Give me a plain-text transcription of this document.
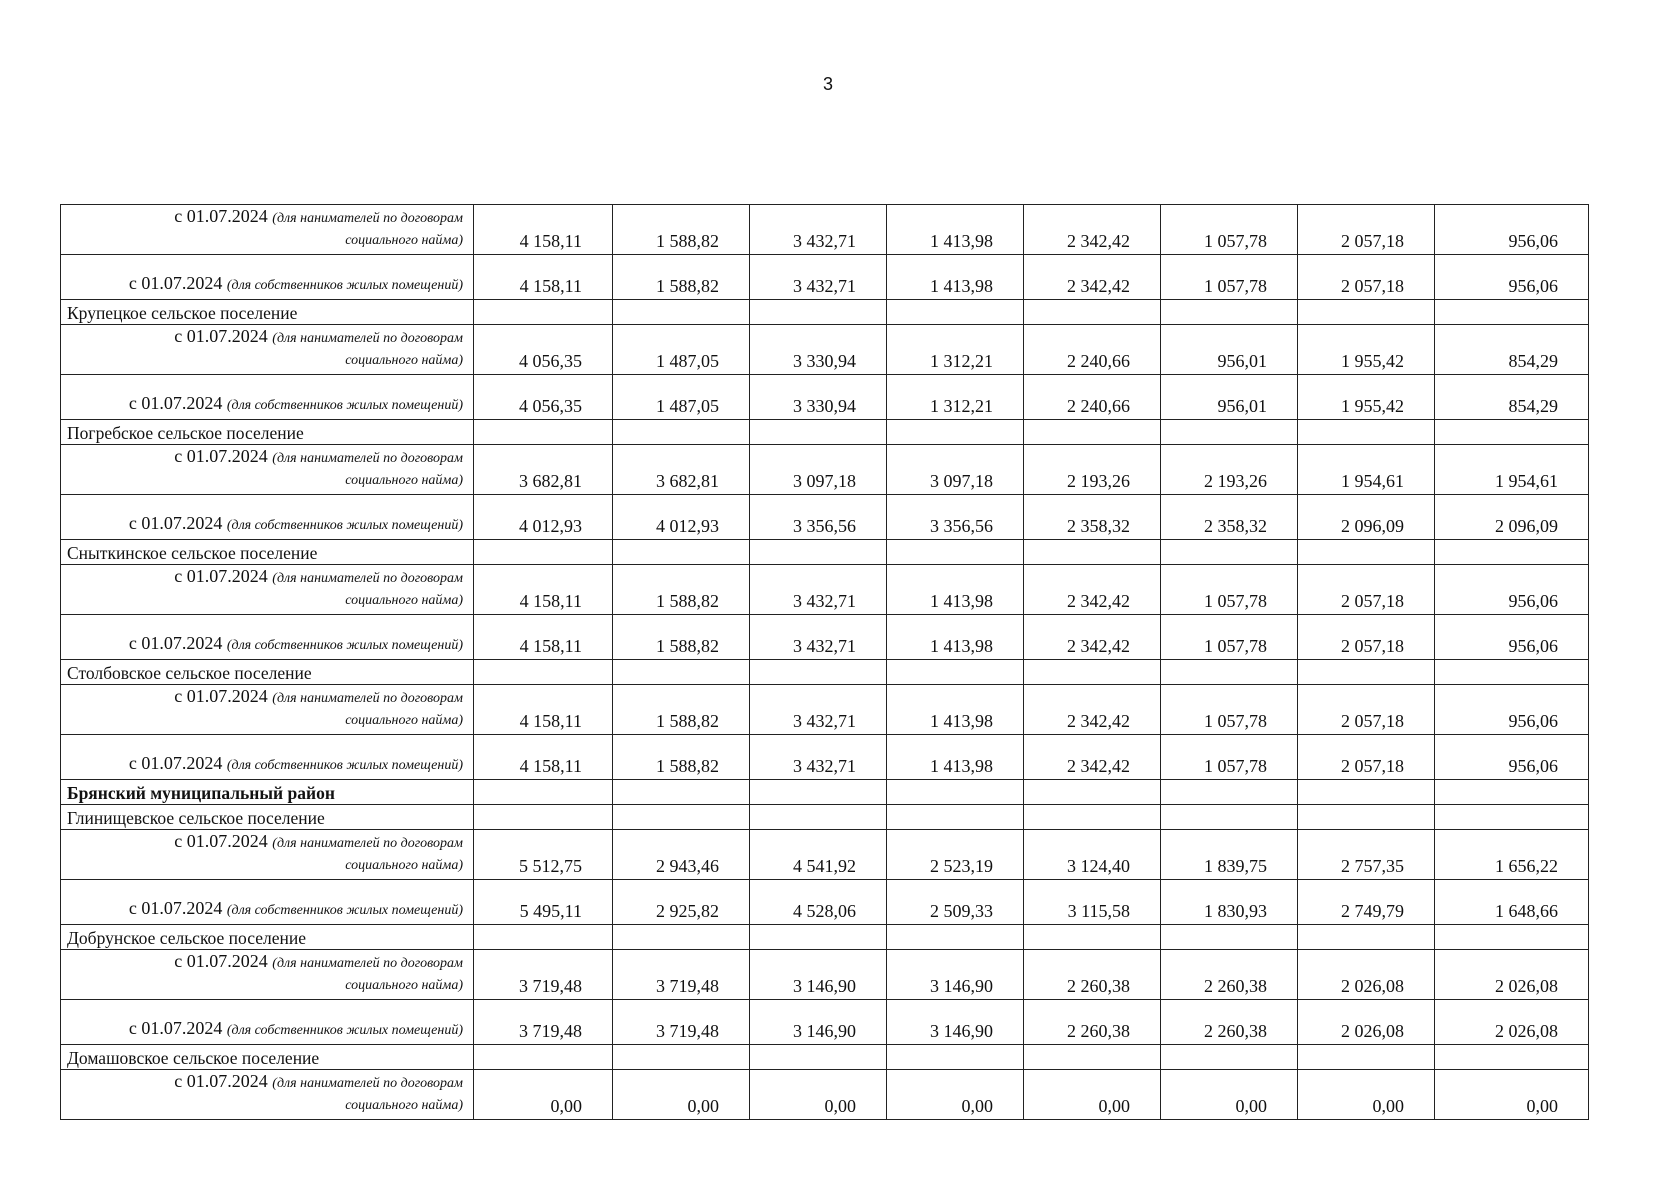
3
с 01.07.2024 (для нанимателей по договорам
социального найма)	4 158,11	1 588,82	3 432,71	1 413,98	2 342,42	1 057,78	2 057,18	956,06

с 01.07.2024 (для собственников жилых помещений)	4 158,11	1 588,82	3 432,71	1 413,98	2 342,42	1 057,78	2 057,18	956,06
Крупецкое сельское поселение								

с 01.07.2024 (для нанимателей по договорам
социального найма)	4 056,35	1 487,05	3 330,94	1 312,21	2 240,66	956,01	1 955,42	854,29

с 01.07.2024 (для собственников жилых помещений)	4 056,35	1 487,05	3 330,94	1 312,21	2 240,66	956,01	1 955,42	854,29
Погребское сельское поселение								

с 01.07.2024 (для нанимателей по договорам
социального найма)	3 682,81	3 682,81	3 097,18	3 097,18	2 193,26	2 193,26	1 954,61	1 954,61

с 01.07.2024 (для собственников жилых помещений)	4 012,93	4 012,93	3 356,56	3 356,56	2 358,32	2 358,32	2 096,09	2 096,09
Сныткинское сельское поселение								

с 01.07.2024 (для нанимателей по договорам
социального найма)	4 158,11	1 588,82	3 432,71	1 413,98	2 342,42	1 057,78	2 057,18	956,06

с 01.07.2024 (для собственников жилых помещений)	4 158,11	1 588,82	3 432,71	1 413,98	2 342,42	1 057,78	2 057,18	956,06
Столбовское сельское поселение								

с 01.07.2024 (для нанимателей по договорам
социального найма)	4 158,11	1 588,82	3 432,71	1 413,98	2 342,42	1 057,78	2 057,18	956,06

с 01.07.2024 (для собственников жилых помещений)	4 158,11	1 588,82	3 432,71	1 413,98	2 342,42	1 057,78	2 057,18	956,06
Брянский муниципальный район								
Глинищевское сельское поселение								

с 01.07.2024 (для нанимателей по договорам
социального найма)	5 512,75	2 943,46	4 541,92	2 523,19	3 124,40	1 839,75	2 757,35	1 656,22

с 01.07.2024 (для собственников жилых помещений)	5 495,11	2 925,82	4 528,06	2 509,33	3 115,58	1 830,93	2 749,79	1 648,66
Добрунское сельское поселение								

с 01.07.2024 (для нанимателей по договорам
социального найма)	3 719,48	3 719,48	3 146,90	3 146,90	2 260,38	2 260,38	2 026,08	2 026,08

с 01.07.2024 (для собственников жилых помещений)	3 719,48	3 719,48	3 146,90	3 146,90	2 260,38	2 260,38	2 026,08	2 026,08
Домашовское сельское поселение								

с 01.07.2024 (для нанимателей по договорам
социального найма)	0,00	0,00	0,00	0,00	0,00	0,00	0,00	0,00
